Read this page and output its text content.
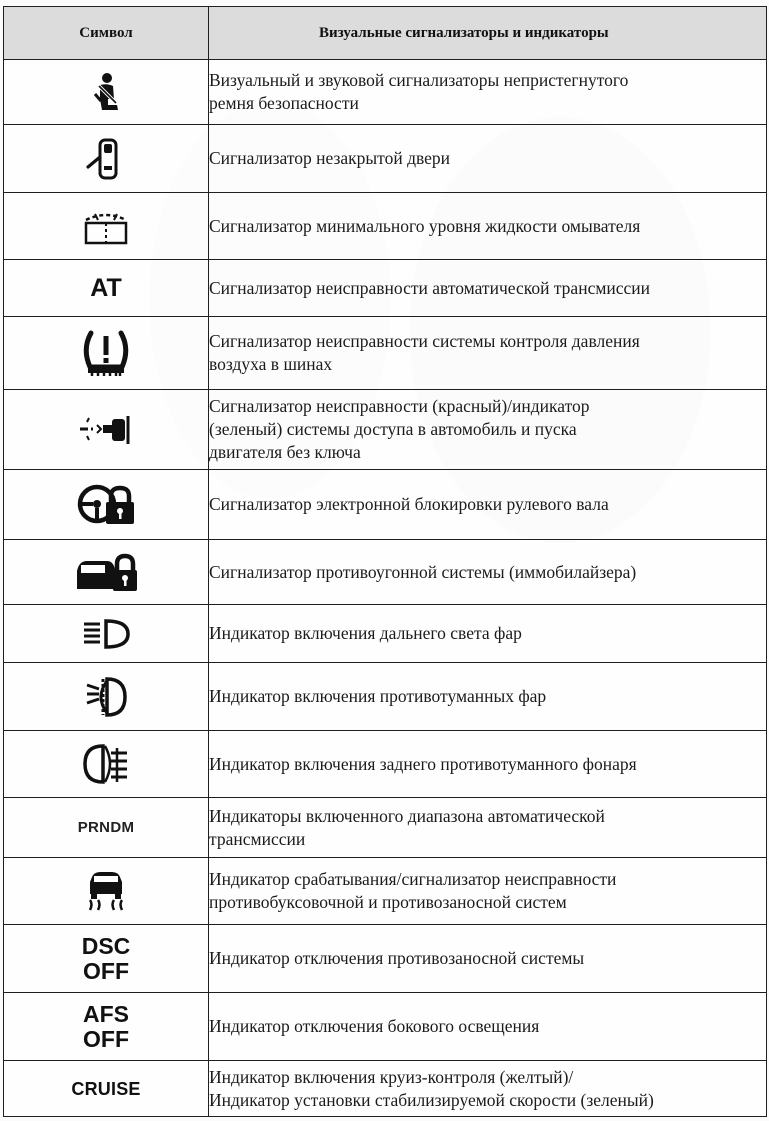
Символ	Визуальные сигнализаторы и индикаторы

	Визуальный и звуковой сигнализаторы непристегнутого
ремня безопасности

	Сигнализатор незакрытой двери

	Сигнализатор минимального уровня жидкости омывателя

AT	Сигнализатор неисправности автоматической трансмиссии

	Сигнализатор неисправности системы контроля давления
воздуха в шинах

	Сигнализатор неисправности (красный)/индикатор
(зеленый) системы доступа в автомобиль и пуска
двигателя без ключа

	Сигнализатор электронной блокировки рулевого вала

	Сигнализатор противоугонной системы (иммобилайзера)

	Индикатор включения дальнего света фар

	Индикатор включения противотуманных фар

	Индикатор включения заднего противотуманного фонаря

PRNDM	Индикаторы включенного диапазона автоматической
трансмиссии

	Индикатор срабатывания/сигнализатор неисправности
противобуксовочной и противозаносной систем

DSC
OFF	Индикатор отключения противозаносной системы

AFS
OFF	Индикатор отключения бокового освещения

CRUISE	Индикатор включения круиз-контроля (желтый)/
Индикатор установки стабилизируемой скорости (зеленый)
